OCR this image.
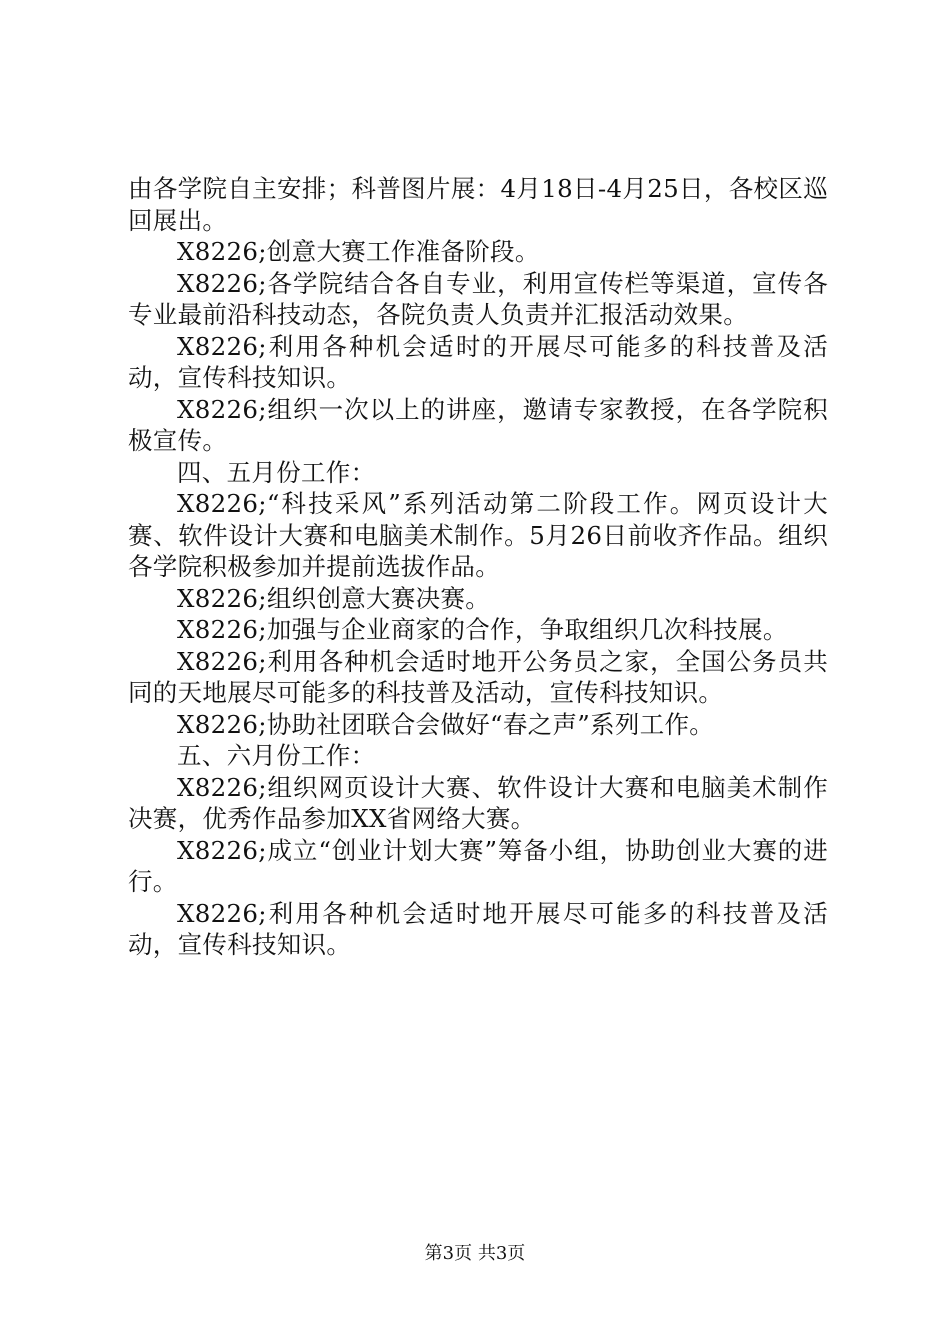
由各学院自主安排；科普图片展：4月18日-4月25日，各校区巡回展出。

X8226;创意大赛工作准备阶段。

X8226;各学院结合各自专业，利用宣传栏等渠道，宣传各专业最前沿科技动态，各院负责人负责并汇报活动效果。

X8226;利用各种机会适时的开展尽可能多的科技普及活动，宣传科技知识。

X8226;组织一次以上的讲座，邀请专家教授，在各学院积极宣传。

四、五月份工作：

X8226;“科技采风”系列活动第二阶段工作。网页设计大赛、软件设计大赛和电脑美术制作。5月26日前收齐作品。组织各学院积极参加并提前选拔作品。

X8226;组织创意大赛决赛。

X8226;加强与企业商家的合作，争取组织几次科技展。

X8226;利用各种机会适时地开公务员之家，全国公务员共同的天地展尽可能多的科技普及活动，宣传科技知识。

X8226;协助社团联合会做好“春之声”系列工作。

五、六月份工作：

X8226;组织网页设计大赛、软件设计大赛和电脑美术制作决赛，优秀作品参加XX省网络大赛。

X8226;成立“创业计划大赛”筹备小组，协助创业大赛的进行。

X8226;利用各种机会适时地开展尽可能多的科技普及活动，宣传科技知识。

第3页 共3页
